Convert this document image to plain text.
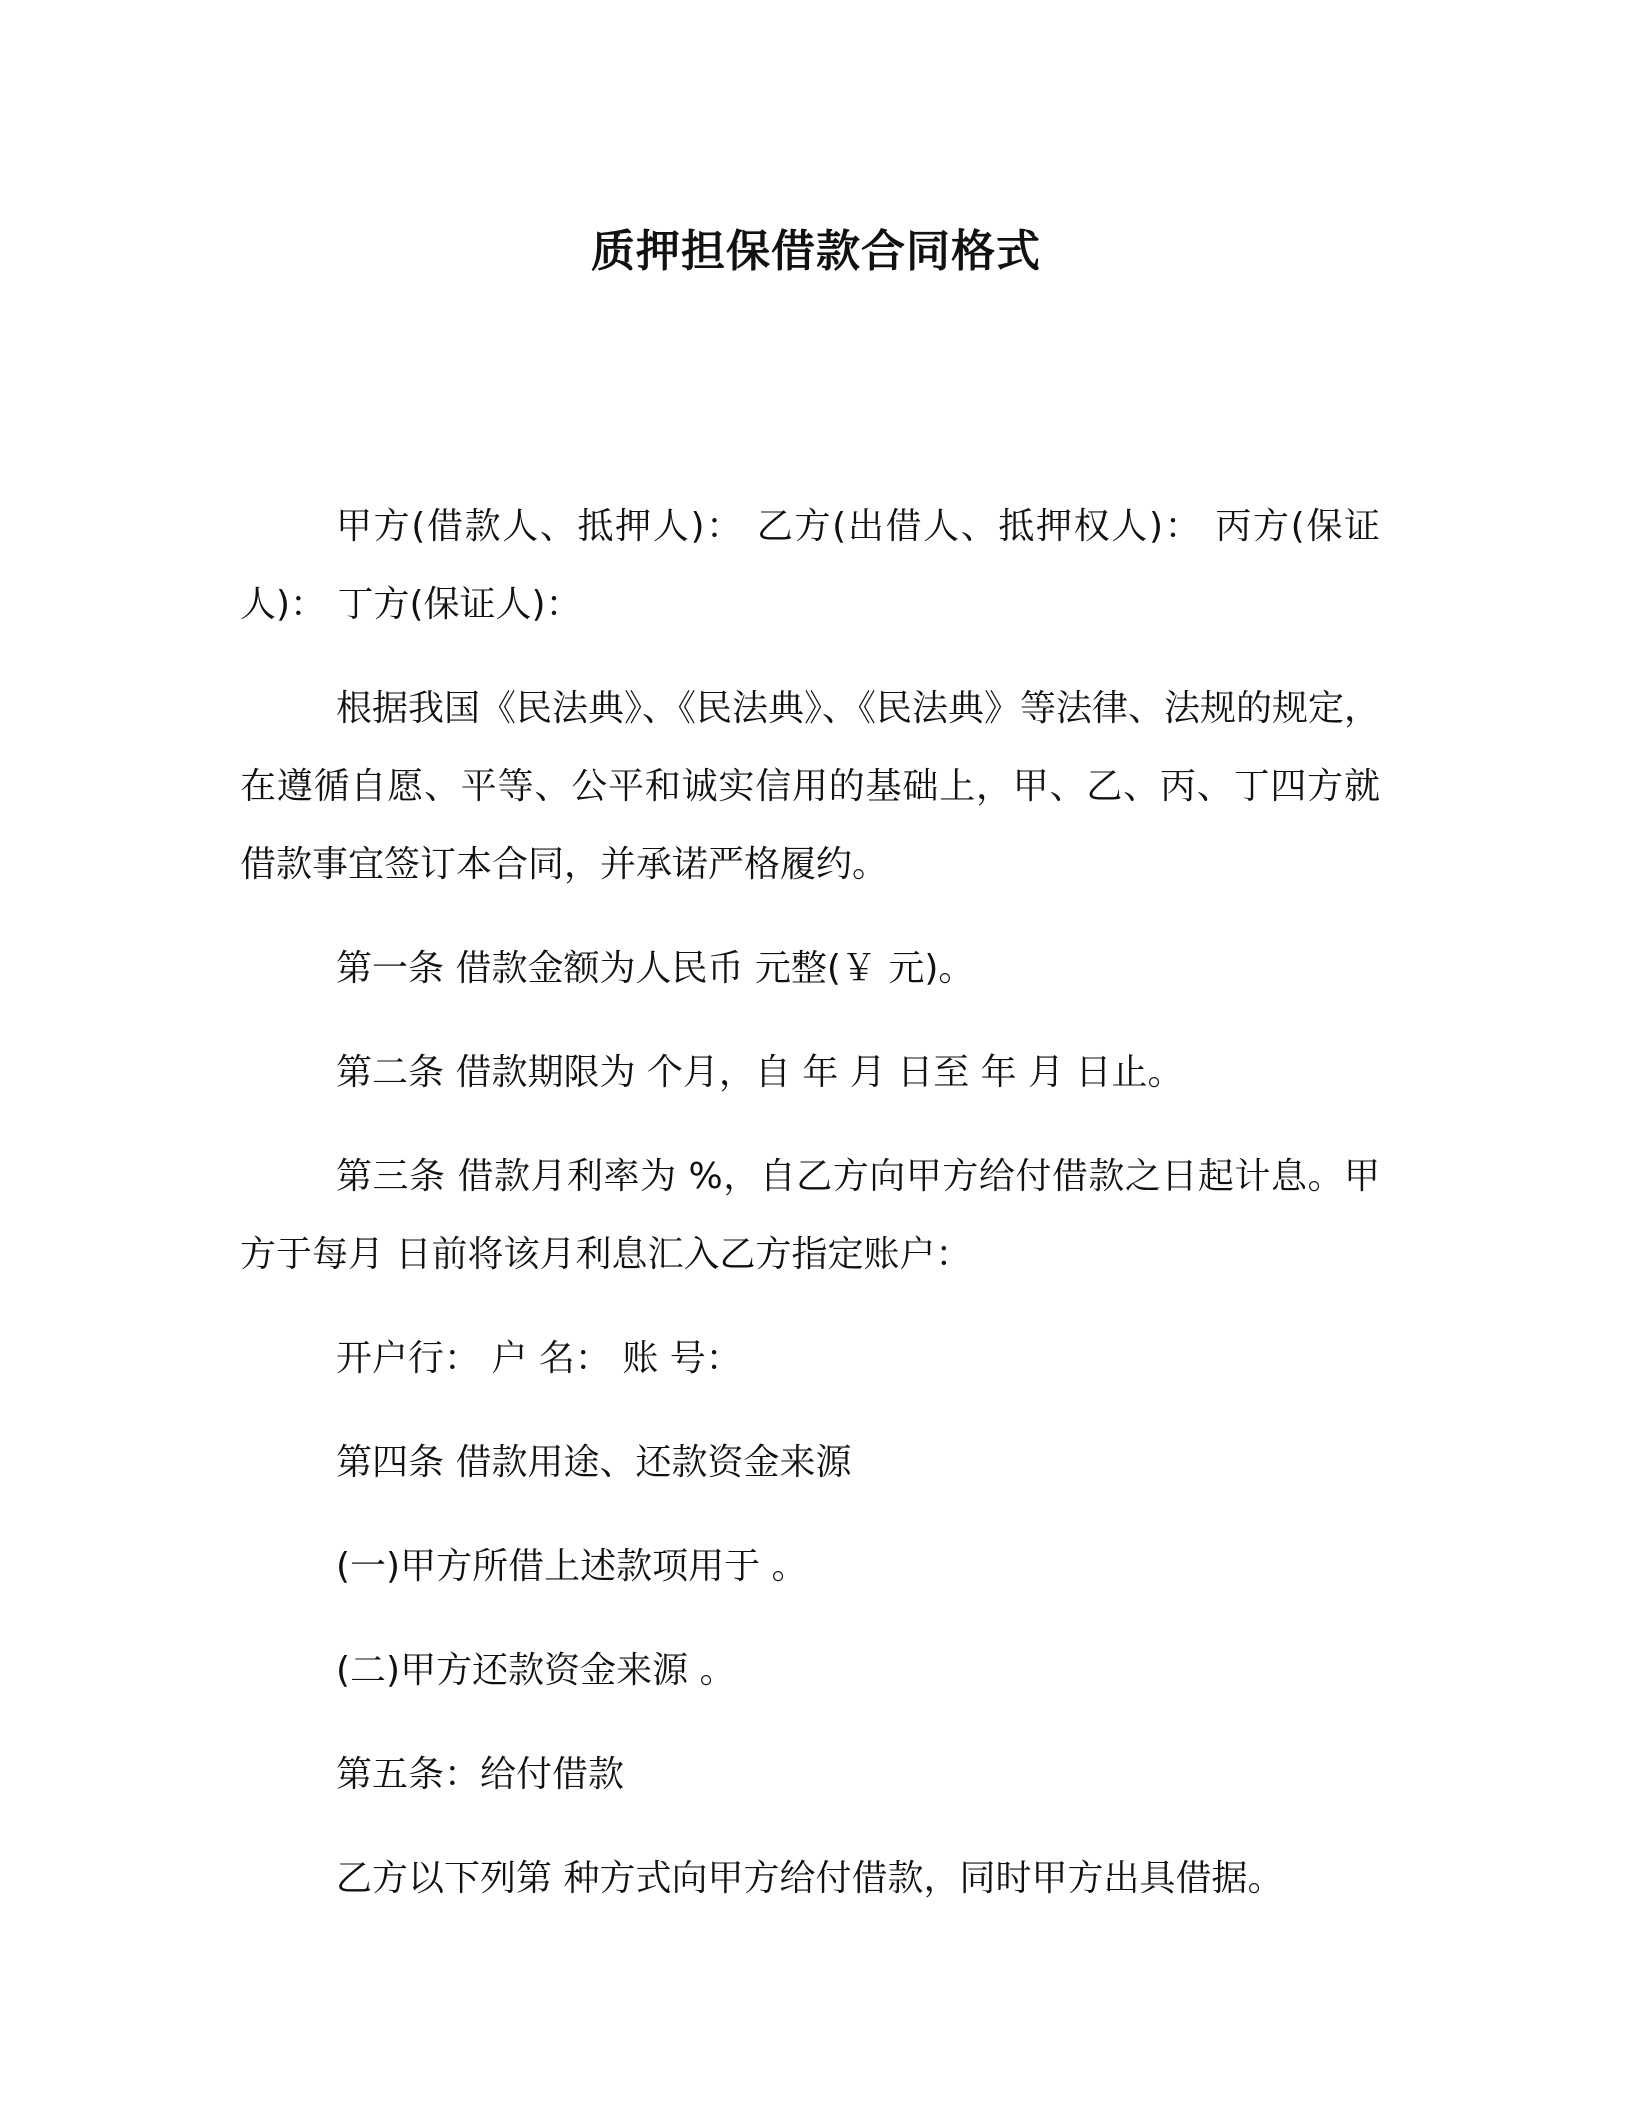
质押担保借款合同格式

甲方(借款人、抵押人)： 乙方(出借人、抵押权人)： 丙方(保证人)： 丁方(保证人)：

根据我国《民法典》、《民法典》、《民法典》等法律、法规的规定，在遵循自愿、平等、公平和诚实信用的基础上，甲、乙、丙、丁四方就借款事宜签订本合同，并承诺严格履约。

第一条 借款金额为人民币 元整(￥ 元)。

第二条 借款期限为 个月，自 年 月 日至 年 月 日止。

第三条 借款月利率为 %，自乙方向甲方给付借款之日起计息。甲方于每月 日前将该月利息汇入乙方指定账户：

开户行： 户 名： 账 号：

第四条 借款用途、还款资金来源

(一)甲方所借上述款项用于 。

(二)甲方还款资金来源 。

第五条：给付借款

乙方以下列第 种方式向甲方给付借款，同时甲方出具借据。
